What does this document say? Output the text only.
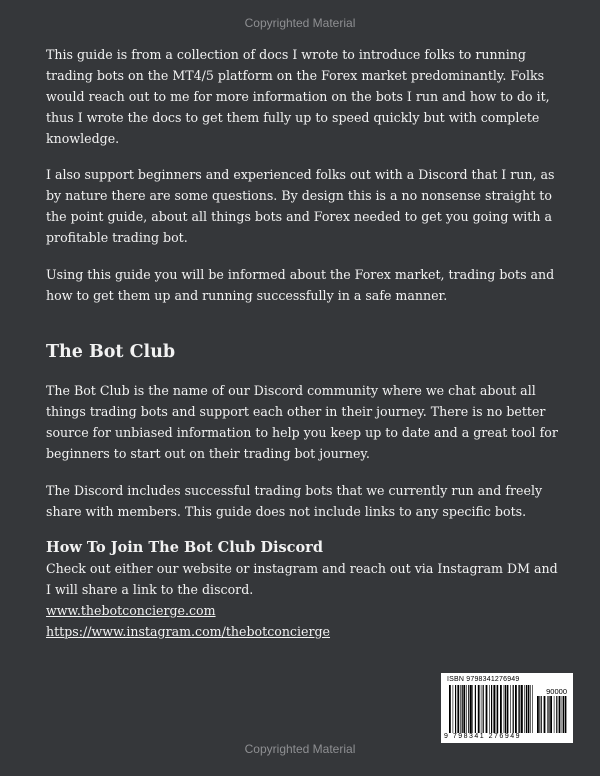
Copyrighted Material

This guide is from a collection of docs I wrote to introduce folks to running trading bots on the MT4/5 platform on the Forex market predominantly. Folks would reach out to me for more information on the bots I run and how to do it, thus I wrote the docs to get them fully up to speed quickly but with complete knowledge.

I also support beginners and experienced folks out with a Discord that I run, as by nature there are some questions. By design this is a no nonsense straight to the point guide, about all things bots and Forex needed to get you going with a profitable trading bot.

Using this guide you will be informed about the Forex market, trading bots and how to get them up and running successfully in a safe manner.

The Bot Club

The Bot Club is the name of our Discord community where we chat about all things trading bots and support each other in their journey. There is no better source for unbiased information to help you keep up to date and a great tool for beginners to start out on their trading bot journey.

The Discord includes successful trading bots that we currently run and freely share with members. This guide does not include links to any specific bots.

How To Join The Bot Club Discord

Check out either our website or instagram and reach out via Instagram DM and I will share a link to the discord.

www.thebotconcierge.com
https://www.instagram.com/thebotconcierge
ISBN 9798341276949
90000
9 798341 276949
Copyrighted Material
